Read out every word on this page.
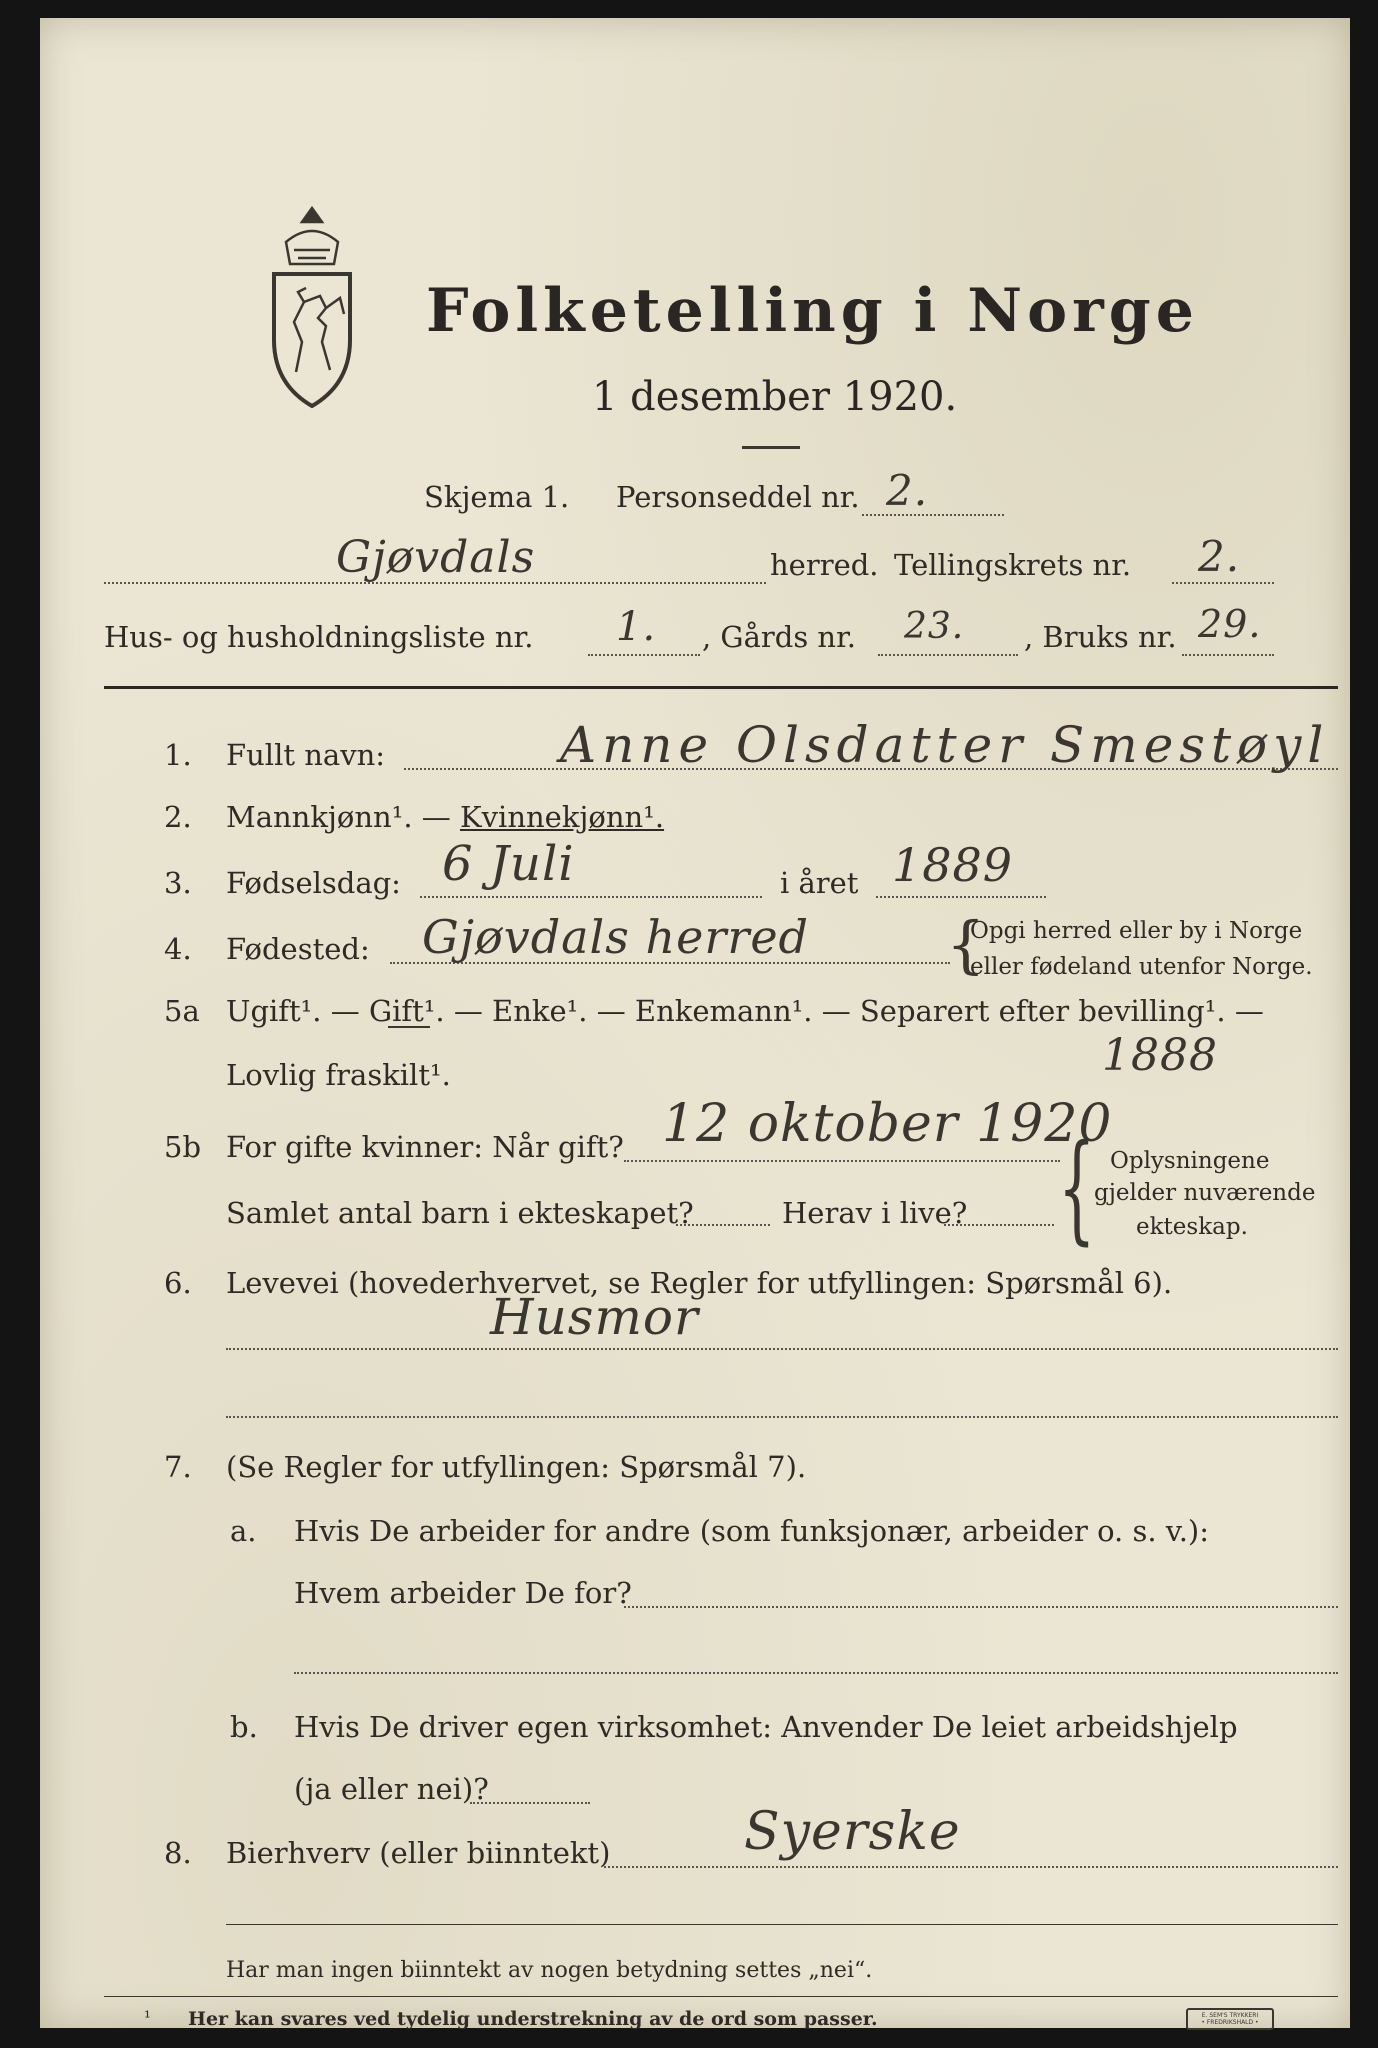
Folketelling i Norge
1 desember 1920.
Skjema 1. Personseddel nr. 2.
Gjøvdals	herred. Tellingskrets nr. 2.
Hus- og husholdningsliste nr. 1. , Gårds nr. 23. , Bruks nr. 29.
1. Fullt navn:	Anne Olsdatter Smestøyl
2. Mannkjønn¹. — Kvinnekjønn¹.
3. Fødselsdag: 6 Juli	i året 1889
4. Fødested: Gjøvdals herred {
Opgi herred eller by i Norge
eller fødeland utenfor Norge.
5a Ugift¹. — Gift¹. — Enke¹. — Enkemann¹. — Separert efter bevilling¹. —
Lovlig fraskilt¹.	1888
5b For gifte kvinner: Når gift? 12 oktober 1920
Samlet antal barn i ekteskapet?	Herav i live? { Oplysningene
gjelder nuværende
ekteskap.
6. Levevei (hovederhvervet, se Regler for utfyllingen: Spørsmål 6).
Husmor
7. (Se Regler for utfyllingen: Spørsmål 7).
a. Hvis De arbeider for andre (som funksjonær, arbeider o. s. v.):
Hvem arbeider De for?
b. Hvis De driver egen virksomhet: Anvender De leiet arbeidshjelp
(ja eller nei)?
8. Bierhverv (eller biinntekt)	Syerske
Har man ingen biinntekt av nogen betydning settes „nei“.
¹ Her kan svares ved tydelig understrekning av de ord som passer.	E. SEM'S TRYKKERI
• FREDRIKSHALD •
